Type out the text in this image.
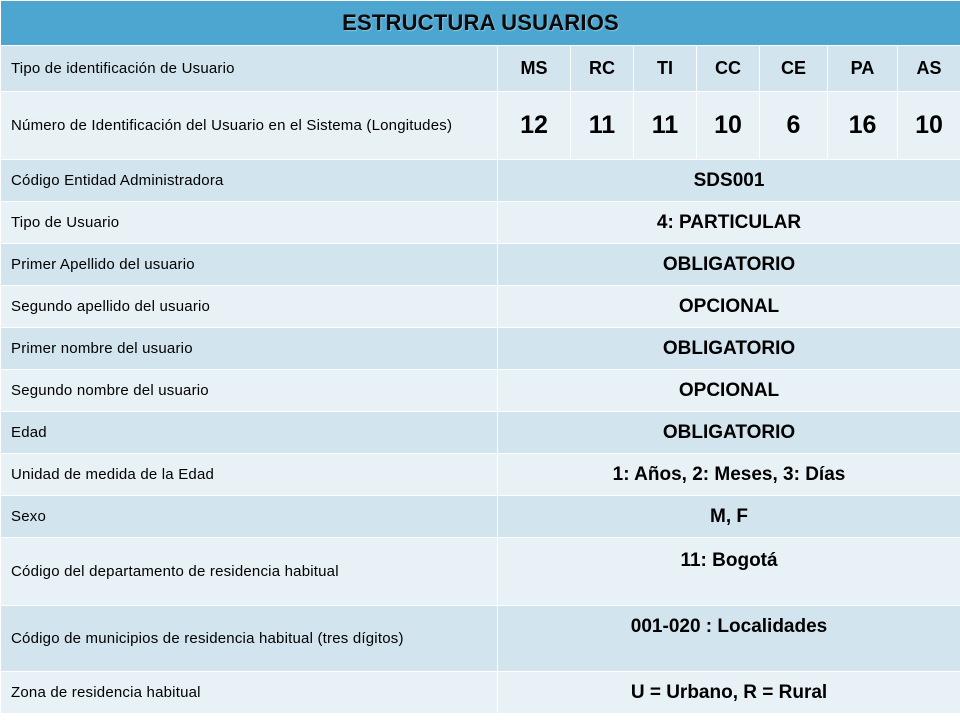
ESTRUCTURA USUARIOS							
Tipo de identificación de Usuario	MS	RC	TI	CC	CE	PA	AS
Número de Identificación del Usuario en el Sistema (Longitudes)	12	11	11	10	6	16	10
Código Entidad Administradora	SDS001						
Tipo de Usuario	4: PARTICULAR						
Primer Apellido del usuario	OBLIGATORIO						
Segundo apellido del usuario	OPCIONAL						
Primer nombre del usuario	OBLIGATORIO						
Segundo nombre del usuario	OPCIONAL						
Edad	OBLIGATORIO						
Unidad de medida de la Edad	1: Años, 2: Meses, 3: Días						
Sexo	M, F						
Código del departamento de residencia habitual	11: Bogotá						
Código de municipios de residencia habitual (tres dígitos)	001-020 : Localidades						
Zona de residencia habitual	U = Urbano, R = Rural						
